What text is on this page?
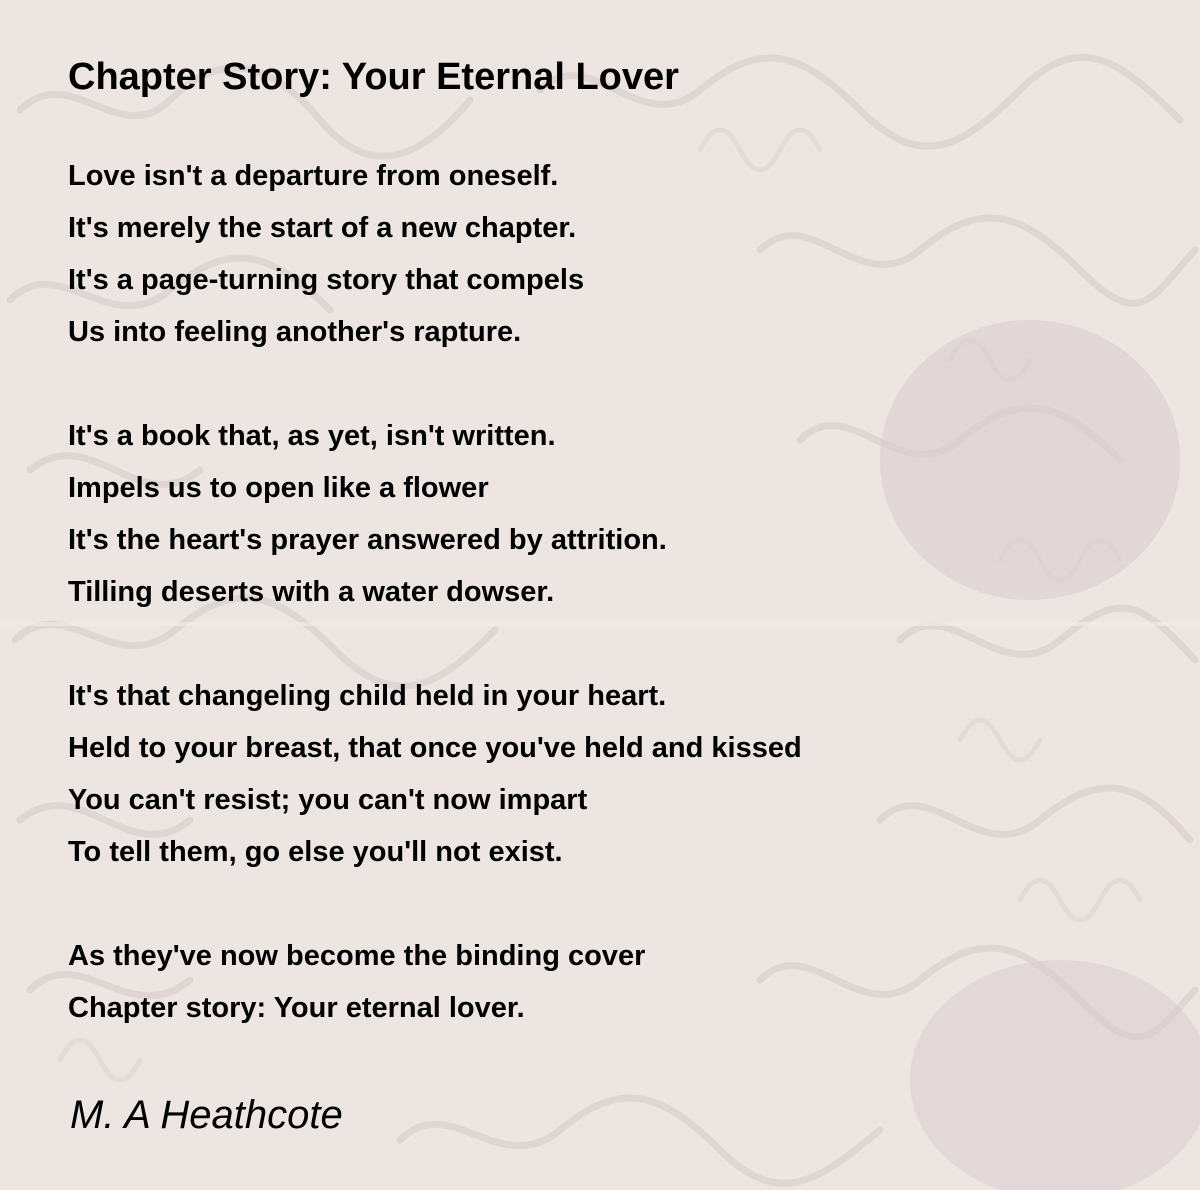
Chapter Story: Your Eternal Lover
Love isn't a departure from oneself.
It's merely the start of a new chapter.
It's a page-turning story that compels
Us into feeling another's rapture.
It's a book that, as yet, isn't written.
Impels us to open like a flower
It's the heart's prayer answered by attrition.
Tilling deserts with a water dowser.
It's that changeling child held in your heart.
Held to your breast, that once you've held and kissed
You can't resist; you can't now impart
To tell them, go else you'll not exist.
As they've now become the binding cover
Chapter story: Your eternal lover.

M. A Heathcote
